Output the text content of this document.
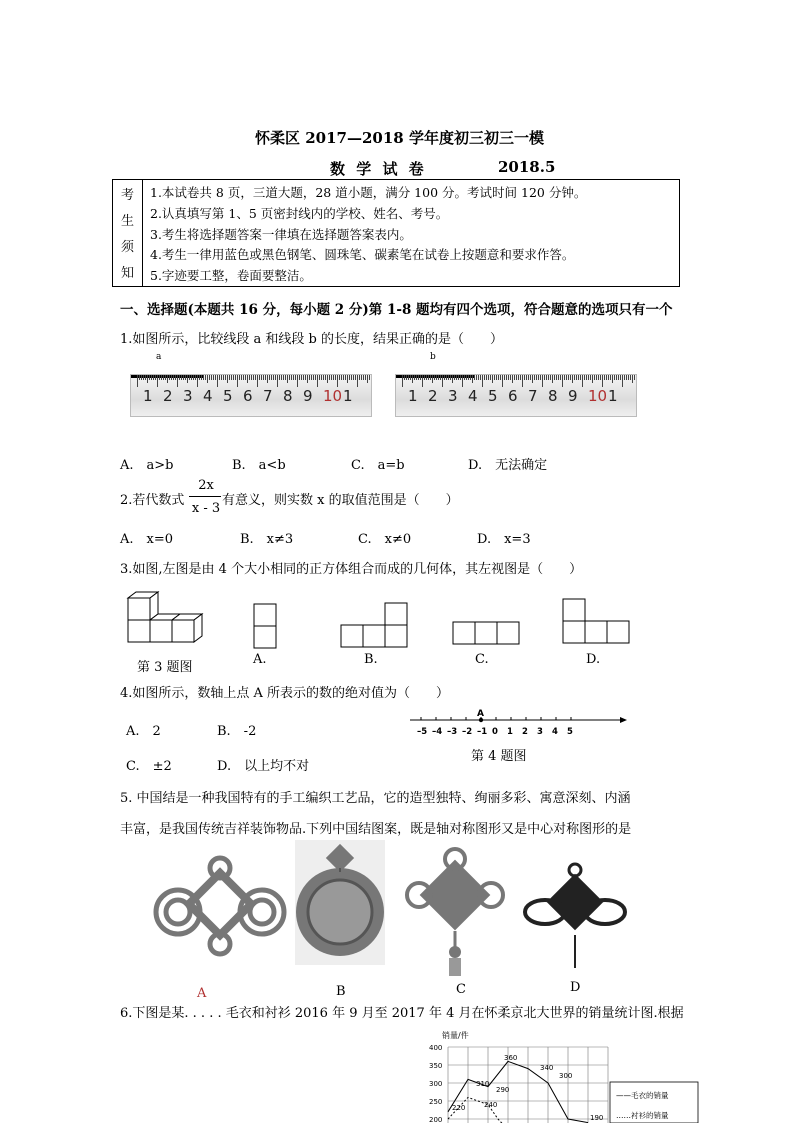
怀柔区 2017—2018 学年度初三初三一模
数 学 试 卷	2018.5
考
生
须
知
1.本试卷共 8 页，三道大题，28 道小题，满分 100 分。考试时间 120 分钟。
2.认真填写第 1、5 页密封线内的学校、姓名、考号。
3.考生将选择题答案一律填在选择题答案表内。
4.考生一律用蓝色或黑色钢笔、圆珠笔、碳素笔在试卷上按题意和要求作答。
5.字迹要工整，卷面要整洁。
一、选择题(本题共 16 分，每小题 2 分)第 1-8 题均有四个选项，符合题意的选项只有一个
1.如图所示，比较线段 a 和线段 b 的长度，结果正确的是（　　）
a	b
1 2 3 4 5 6 7 8 9 10 1	1 2 3 4 5 6 7 8 9 10 1
A.　a>b	B.　a<b	C.　a=b	D.　无法确定
2.若代数式
2x
x - 3
有意义，则实数 x 的取值范围是（　　）
A.　x=0	B.　x≠3	C.　x≠0	D.　x=3
3.如图,左图是由 4 个大小相同的正方体组合而成的几何体，其左视图是（　　）
第 3 题图
A.	B.	C.	D.
4.如图所示，数轴上点 A 所表示的数的绝对值为（　　）
A.　2	B.　-2
C.　±2	D.　以上均不对
–5 –4 –3 –2 –1 0 1 2 3 4 5
A
第 4 题图
5. 中国结是一种我国特有的手工编织工艺品，它的造型独特、绚丽多彩、寓意深刻、内涵
丰富，是我国传统吉祥装饰物品.下列中国结图案，既是轴对称图形又是中心对称图形的是
A	B	C	D
6.下图是某. . . . . 毛衣和衬衫 2016 年 9 月至 2017 年 4 月在怀柔京北大世界的销量统计图.根据
销量/件
400
350
300
250
200
360
340
310
300
290
240
220
190
——毛衣的销量
……衬衫的销量
